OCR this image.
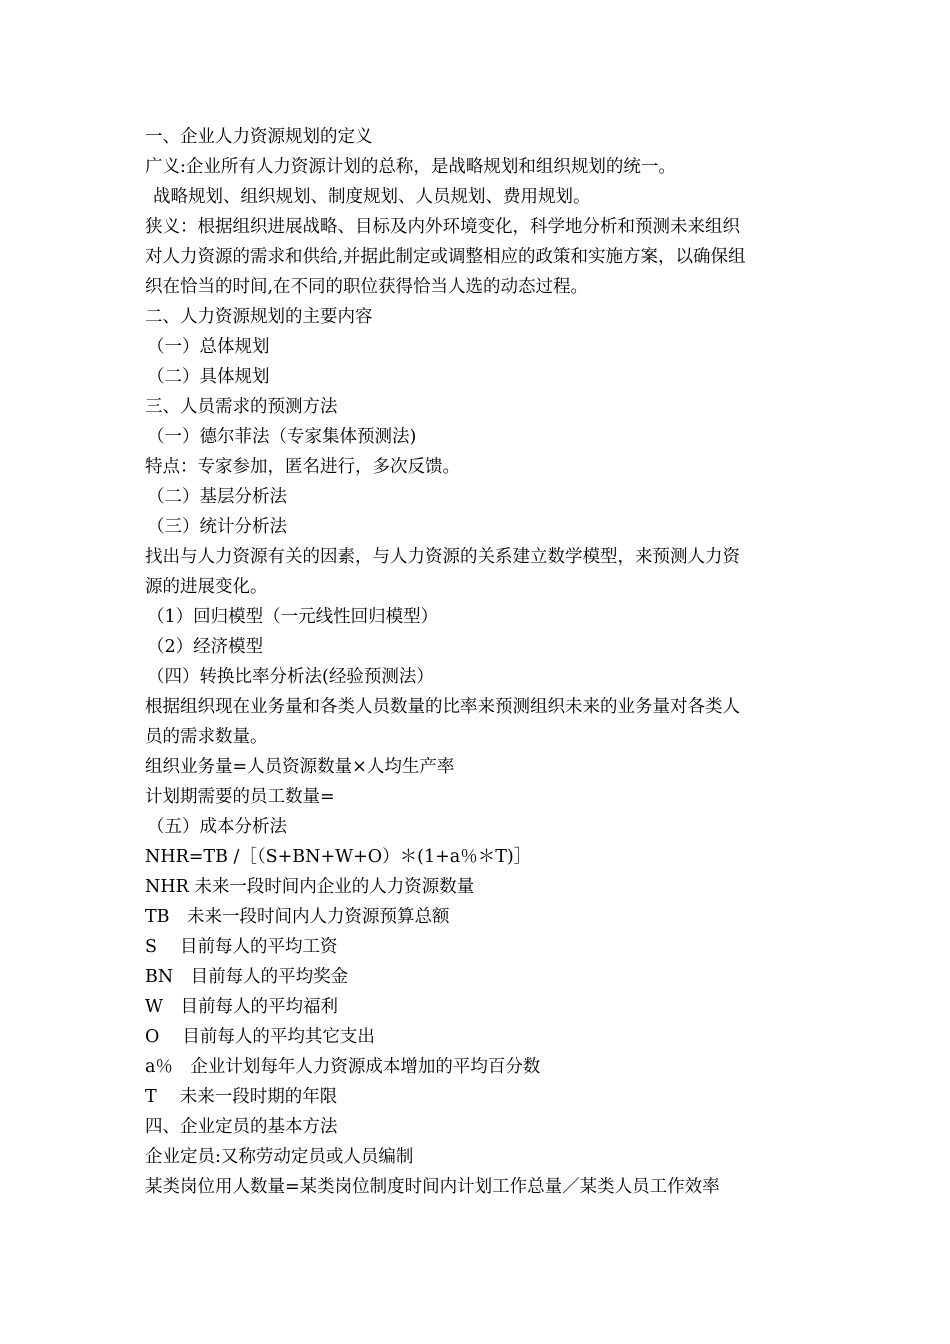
一、企业人力资源规划的定义

广义:企业所有人力资源计划的总称，是战略规划和组织规划的统一。

战略规划、组织规划、制度规划、人员规划、费用规划。

狭义：根据组织进展战略、目标及内外环境变化，科学地分析和预测未来组织

对人力资源的需求和供给,并据此制定或调整相应的政策和实施方案，以确保组

织在恰当的时间,在不同的职位获得恰当人选的动态过程。

二、人力资源规划的主要内容

（一）总体规划

（二）具体规划

三、人员需求的预测方法

（一）德尔菲法（专家集体预测法)

特点：专家参加，匿名进行，多次反馈。

（二）基层分析法

（三）统计分析法

找出与人力资源有关的因素，与人力资源的关系建立数学模型，来预测人力资

源的进展变化。

（1）回归模型（一元线性回归模型）

（2）经济模型

（四）转换比率分析法(经验预测法）

根据组织现在业务量和各类人员数量的比率来预测组织未来的业务量对各类人

员的需求数量。

组织业务量=人员资源数量×人均生产率

计划期需要的员工数量=

（五）成本分析法

NHR=TB /［（S+BN+W+O）＊(1+a％＊T)］

NHR 未来一段时间内企业的人力资源数量

TB　未来一段时间内人力资源预算总额

S　 目前每人的平均工资

BN　目前每人的平均奖金

W　目前每人的平均福利

O　 目前每人的平均其它支出

a％　企业计划每年人力资源成本增加的平均百分数

T　 未来一段时期的年限

四、企业定员的基本方法

企业定员:又称劳动定员或人员编制

某类岗位用人数量=某类岗位制度时间内计划工作总量／某类人员工作效率
